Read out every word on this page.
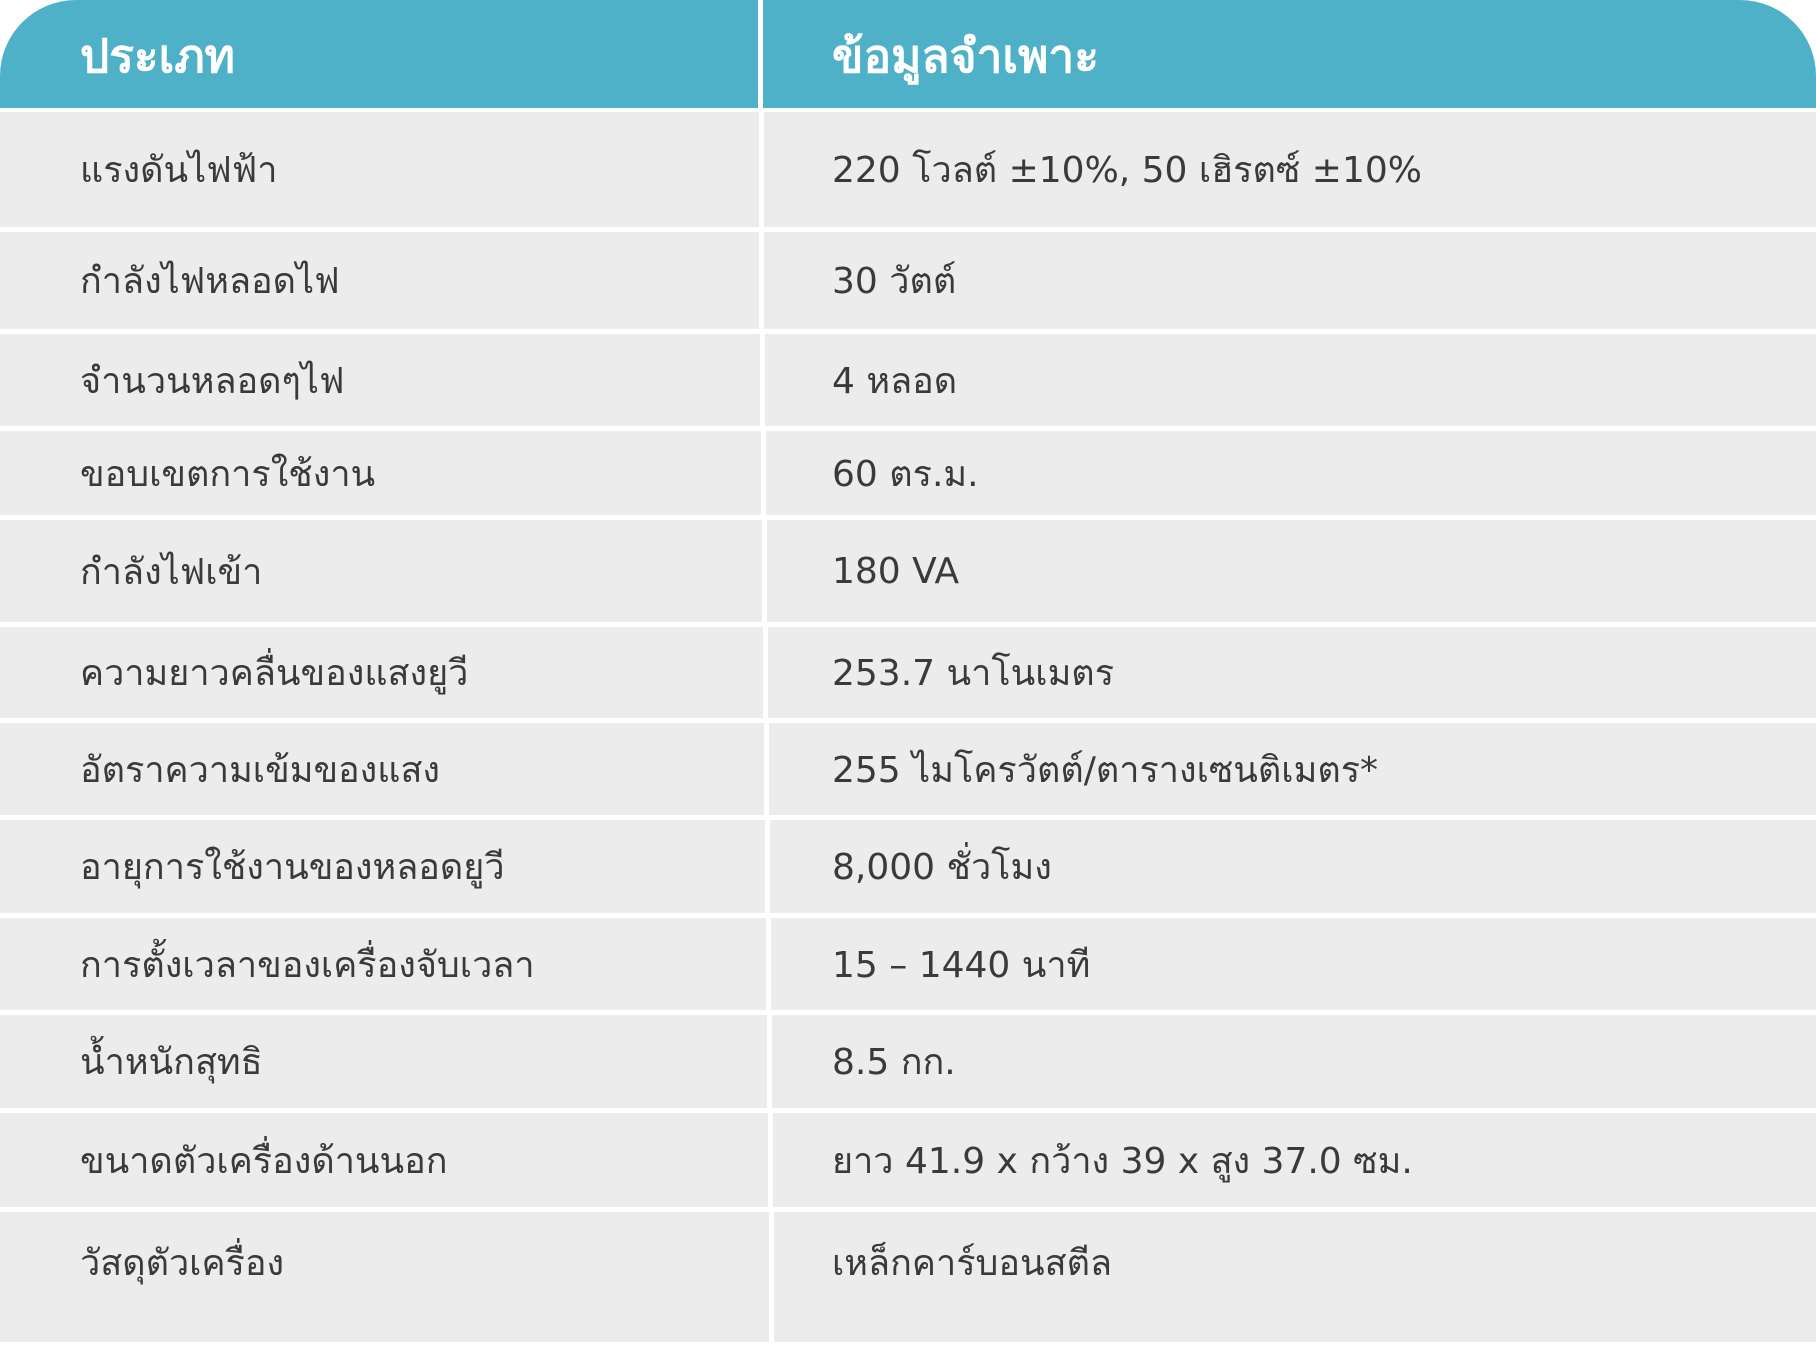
ประเภท	ข้อมูลจำเพาะ
แรงดันไฟฟ้า	220 โวลต์ ±10%, 50 เฮิรตซ์ ±10%
กำลังไฟหลอดไฟ	30 วัตต์
จำนวนหลอดๆไฟ	4 หลอด
ขอบเขตการใช้งาน	60 ตร.ม.
กำลังไฟเข้า	180 VA
ความยาวคลื่นของแสงยูวี	253.7 นาโนเมตร
อัตราความเข้มของแสง	255 ไมโครวัตต์/ตารางเซนติเมตร*
อายุการใช้งานของหลอดยูวี	8,000 ชั่วโมง
การตั้งเวลาของเครื่องจับเวลา	15 – 1440 นาที
น้ำหนักสุทธิ	8.5 กก.
ขนาดตัวเครื่องด้านนอก	ยาว 41.9 x กว้าง 39 x สูง 37.0 ซม.
วัสดุตัวเครื่อง	เหล็กคาร์บอนสตีล
